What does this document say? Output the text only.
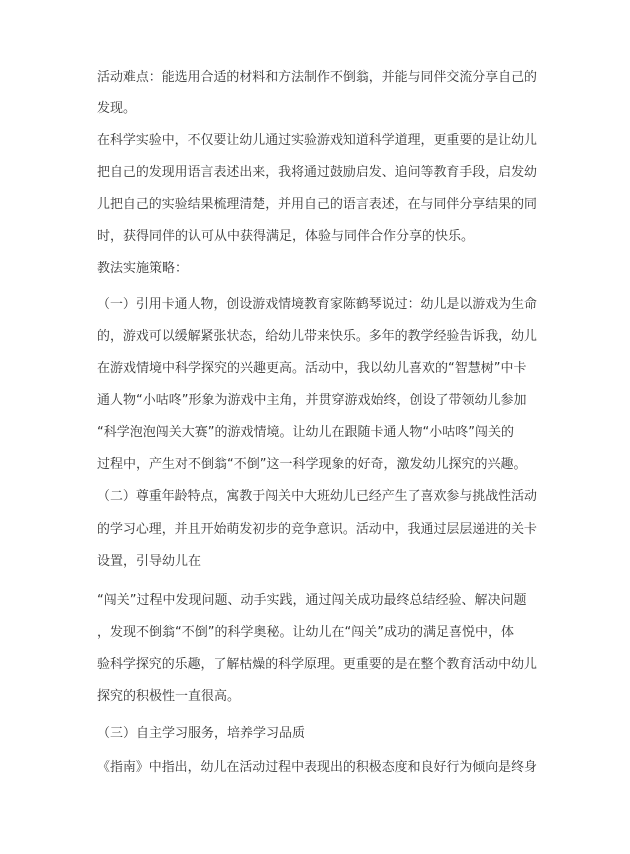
活动难点：能选用合适的材料和方法制作不倒翁，并能与同伴交流分享自己的
发现。
在科学实验中，不仅要让幼儿通过实验游戏知道科学道理，更重要的是让幼儿
把自己的发现用语言表述出来，我将通过鼓励启发、追问等教育手段，启发幼
儿把自己的实验结果梳理清楚，并用自己的语言表述，在与同伴分享结果的同
时，获得同伴的认可从中获得满足，体验与同伴合作分享的快乐。
教法实施策略：
（一）引用卡通人物，创设游戏情境教育家陈鹤琴说过：幼儿是以游戏为生命
的，游戏可以缓解紧张状态，给幼儿带来快乐。多年的教学经验告诉我，幼儿
在游戏情境中科学探究的兴趣更高。活动中，我以幼儿喜欢的“智慧树”中卡
通人物“小咕咚”形象为游戏中主角，并贯穿游戏始终，创设了带领幼儿参加
“科学泡泡闯关大赛”的游戏情境。让幼儿在跟随卡通人物“小咕咚”闯关的
过程中，产生对不倒翁“不倒”这一科学现象的好奇，激发幼儿探究的兴趣。
（二）尊重年龄特点，寓教于闯关中大班幼儿已经产生了喜欢参与挑战性活动
的学习心理，并且开始萌发初步的竞争意识。活动中，我通过层层递进的关卡
设置，引导幼儿在
“闯关”过程中发现问题、动手实践，通过闯关成功最终总结经验、解决问题
，发现不倒翁“不倒”的科学奥秘。让幼儿在“闯关”成功的满足喜悦中，体
验科学探究的乐趣，了解枯燥的科学原理。更重要的是在整个教育活动中幼儿
探究的积极性一直很高。
（三）自主学习服务，培养学习品质
《指南》中指出，幼儿在活动过程中表现出的积极态度和良好行为倾向是终身
